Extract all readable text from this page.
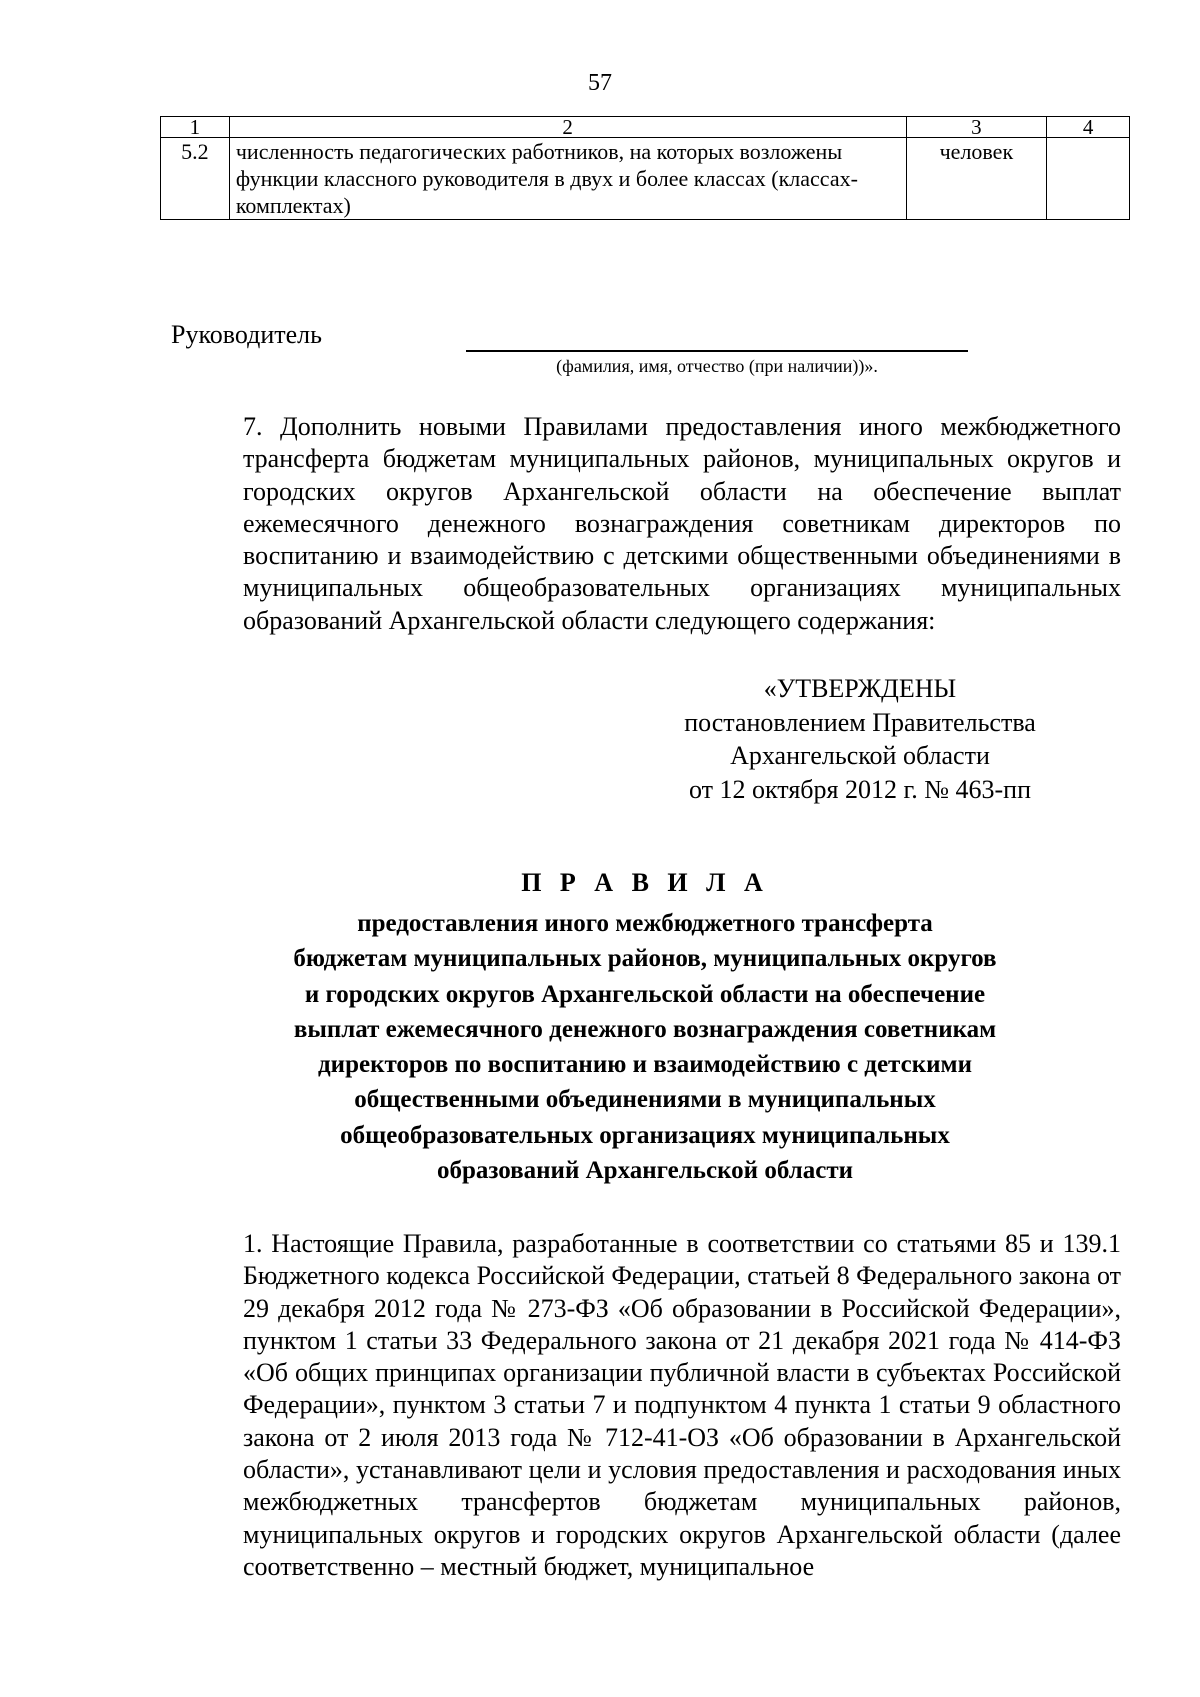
57
1	2	3	4
5.2	численность педагогических работников, на которых возложены функции классного руководителя в двух и более классах (классах-комплектах)	человек	
Руководитель
(фамилия, имя, отчество (при наличии))».
7. Дополнить новыми Правилами предоставления иного межбюджетного трансферта бюджетам муниципальных районов, муниципальных округов и городских округов Архангельской области на обеспечение выплат ежемесячного денежного вознаграждения советникам директоров по воспитанию и взаимодействию с детскими общественными объединениями в муниципальных общеобразовательных организациях муниципальных образований Архангельской области следующего содержания:
«УТВЕРЖДЕНЫ
постановлением Правительства
Архангельской области
от 12 октября 2012 г. № 463-пп
П Р А В И Л А
предоставления иного межбюджетного трансферта
бюджетам муниципальных районов, муниципальных округов
и городских округов Архангельской области на обеспечение
выплат ежемесячного денежного вознаграждения советникам
директоров по воспитанию и взаимодействию с детскими
общественными объединениями в муниципальных
общеобразовательных организациях муниципальных
образований Архангельской области
1. Настоящие Правила, разработанные в соответствии со статьями 85 и 139.1 Бюджетного кодекса Российской Федерации, статьей 8 Федерального закона от 29 декабря 2012 года № 273-ФЗ «Об образовании в Российской Федерации», пунктом 1 статьи 33 Федерального закона от 21 декабря 2021 года № 414-ФЗ «Об общих принципах организации публичной власти в субъектах Российской Федерации», пунктом 3 статьи 7 и подпунктом 4 пункта 1 статьи 9 областного закона от 2 июля 2013 года № 712-41-ОЗ «Об образовании в Архангельской области», устанавливают цели и условия предоставления и расходования иных межбюджетных трансфертов бюджетам муниципальных районов, муниципальных округов и городских округов Архангельской области (далее соответственно – местный бюджет, муниципальное
